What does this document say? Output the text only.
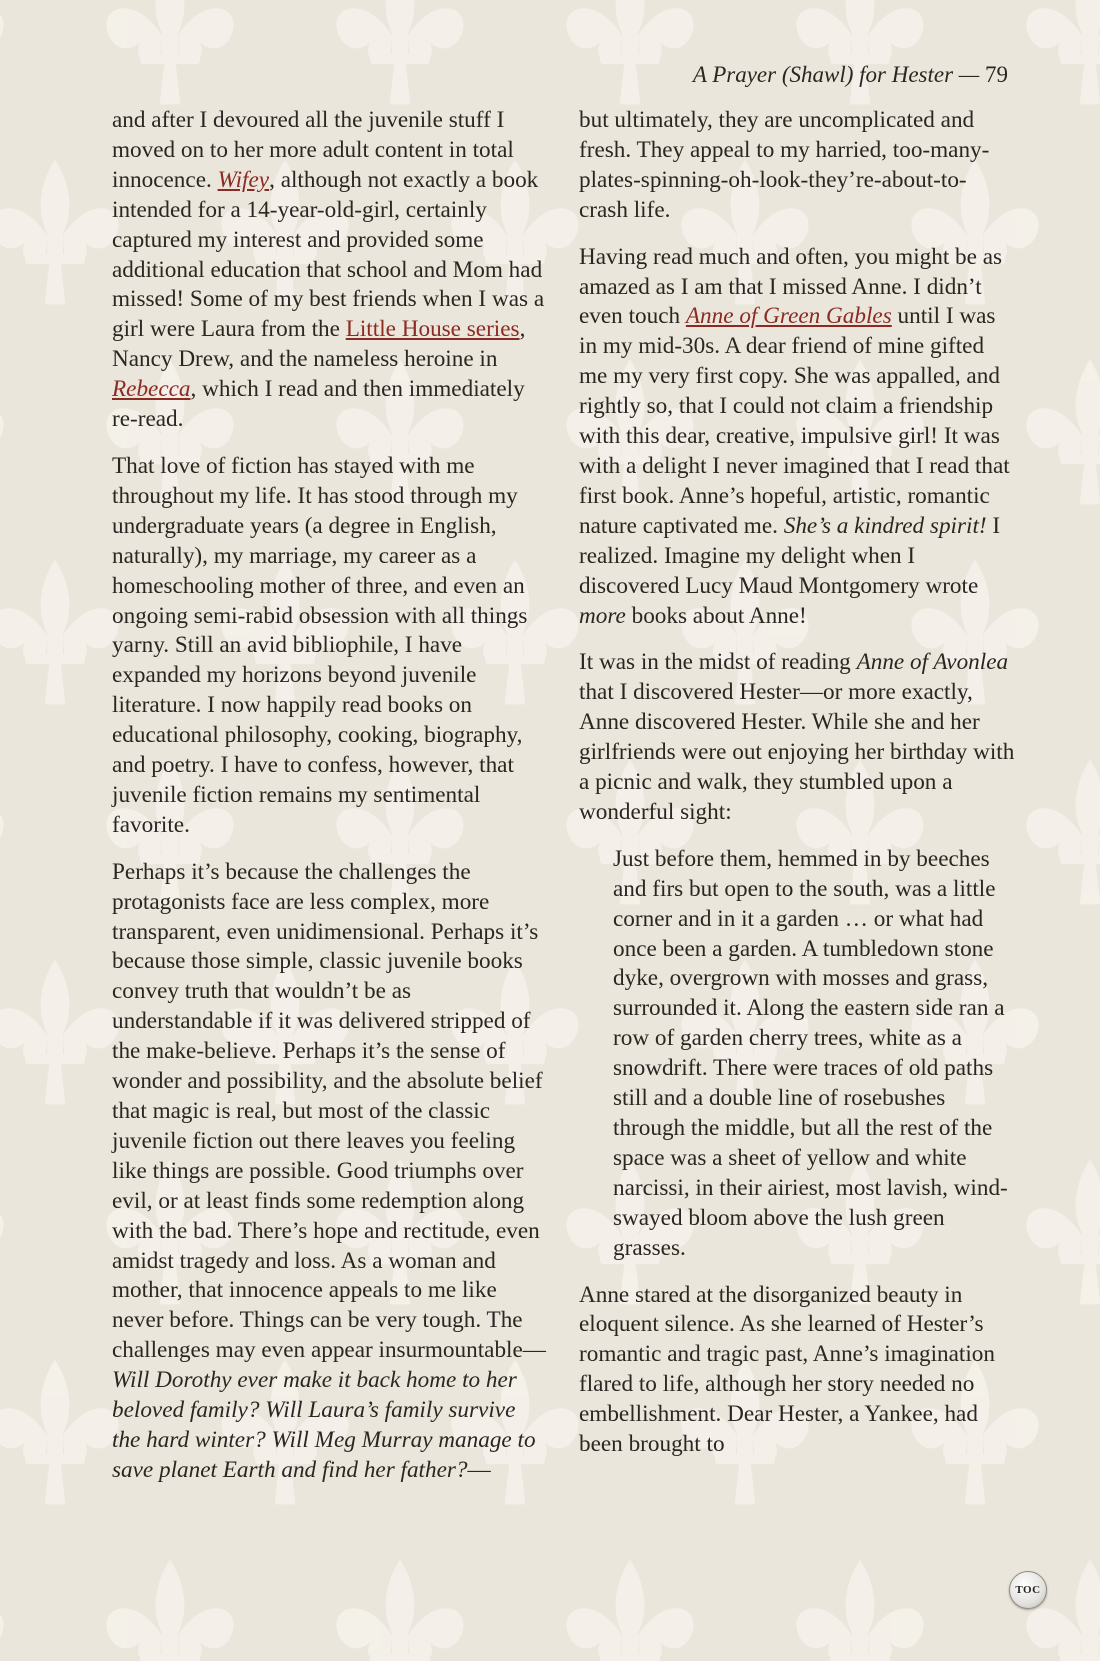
A Prayer (Shawl) for Hester — 79

and after I devoured all the juvenile stuff I moved on to her more adult content in total innocence. Wifey, although not exactly a book intended for a 14-year-old-girl, certainly captured my interest and provided some additional education that school and Mom had missed! Some of my best friends when I was a girl were Laura from the Little House series, Nancy Drew, and the nameless heroine in Rebecca, which I read and then immediately re-read.

That love of fiction has stayed with me throughout my life. It has stood through my undergraduate years (a degree in English, naturally), my marriage, my career as a homeschooling mother of three, and even an ongoing semi-rabid obsession with all things yarny. Still an avid bibliophile, I have expanded my horizons beyond juvenile literature. I now happily read books on educational philosophy, cooking, biography, and poetry. I have to confess, however, that juvenile fiction remains my sentimental favorite.

Perhaps it’s because the challenges the protagonists face are less complex, more transparent, even unidimensional. Perhaps it’s because those simple, classic juvenile books convey truth that wouldn’t be as understandable if it was delivered stripped of the make-believe. Perhaps it’s the sense of wonder and possibility, and the absolute belief that magic is real, but most of the classic juvenile fiction out there leaves you feeling like things are possible. Good triumphs over evil, or at least finds some redemption along with the bad. There’s hope and rectitude, even amidst tragedy and loss. As a woman and mother, that innocence appeals to me like never before. Things can be very tough. The challenges may even appear insurmountable—Will Dorothy ever make it back home to her beloved family? Will Laura’s family survive the hard winter? Will Meg Murray manage to save planet Earth and find her father?—

but ultimately, they are uncomplicated and fresh. They appeal to my harried, too-many-plates-spinning-oh-look-they’re-about-to-crash life.

Having read much and often, you might be as amazed as I am that I missed Anne. I didn’t even touch Anne of Green Gables until I was in my mid-30s. A dear friend of mine gifted me my very first copy. She was appalled, and rightly so, that I could not claim a friendship with this dear, creative, impulsive girl! It was with a delight I never imagined that I read that first book. Anne’s hopeful, artistic, romantic nature captivated me. She’s a kindred spirit! I realized. Imagine my delight when I discovered Lucy Maud Montgomery wrote more books about Anne!

It was in the midst of reading Anne of Avonlea that I discovered Hester—or more exactly, Anne discovered Hester. While she and her girlfriends were out enjoying her birthday with a picnic and walk, they stumbled upon a wonderful sight:

Just before them, hemmed in by beeches and firs but open to the south, was a little corner and in it a garden … or what had once been a garden. A tumbledown stone dyke, overgrown with mosses and grass, surrounded it. Along the eastern side ran a row of garden cherry trees, white as a snowdrift. There were traces of old paths still and a double line of rosebushes through the middle, but all the rest of the space was a sheet of yellow and white narcissi, in their airiest, most lavish, wind-swayed bloom above the lush green grasses.

Anne stared at the disorganized beauty in eloquent silence. As she learned of Hester’s romantic and tragic past, Anne’s imagination flared to life, although her story needed no embellishment. Dear Hester, a Yankee, had been brought to

TOC
